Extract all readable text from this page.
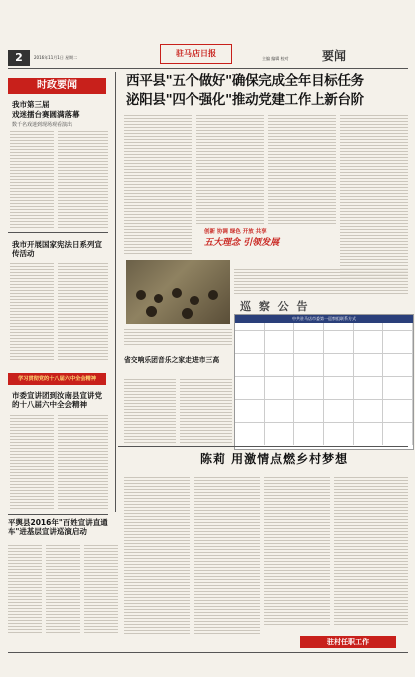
2	2016年11月1日 星期二	驻马店日报
主编 编辑 校对	要闻
时政要闻
我市第三届
戏迷擂台赛圆满落幕
数千名戏迷到现场观看演出
我市开展国家宪法日系列宣传活动
学习贯彻党的十八届六中全会精神
市委宣讲团到汝南县宣讲党的十八届六中全会精神
平舆县2016年"百姓宣讲直通车"进基层宣讲巡演启动
西平县"五个做好"确保完成全年目标任务
泌阳县"四个强化"推动党建工作上新台阶
创新 协调 绿色 开放 共享
五大理念 引领发展
省交响乐团音乐之家走进市三高
巡 察 公 告
中共驻马店市委第一巡察组联系方式
陈莉 用激情点燃乡村梦想
驻村任职工作
